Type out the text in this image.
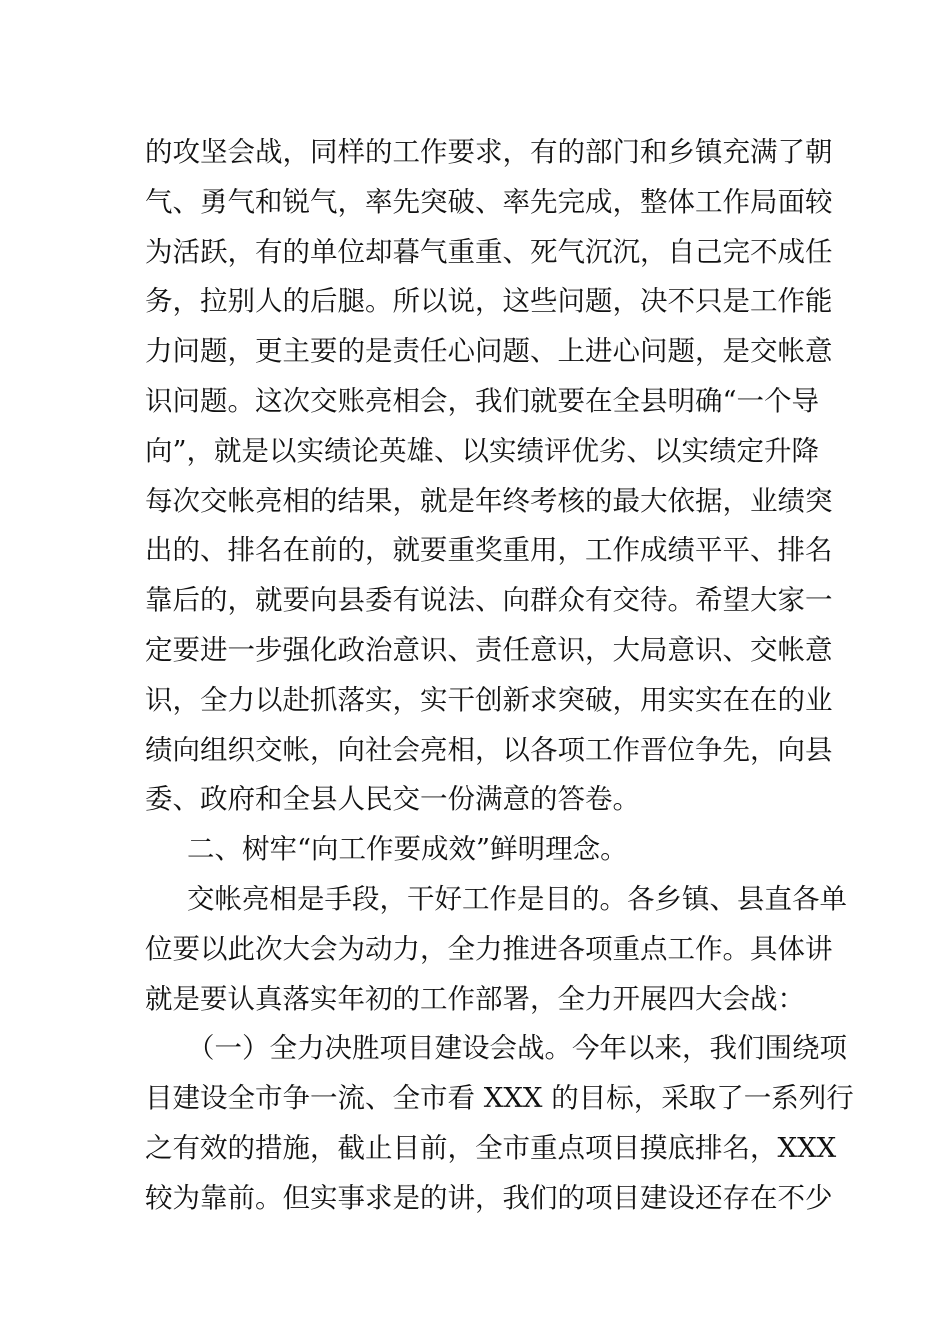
的攻坚会战，同样的工作要求，有的部门和乡镇充满了朝
气、勇气和锐气，率先突破、率先完成，整体工作局面较
为活跃，有的单位却暮气重重、死气沉沉，自己完不成任
务，拉别人的后腿。所以说，这些问题，决不只是工作能
力问题，更主要的是责任心问题、上进心问题，是交帐意
识问题。这次交账亮相会，我们就要在全县明确“一个导
向”，就是以实绩论英雄、以实绩评优劣、以实绩定升降
每次交帐亮相的结果，就是年终考核的最大依据，业绩突
出的、排名在前的，就要重奖重用，工作成绩平平、排名
靠后的，就要向县委有说法、向群众有交待。希望大家一
定要进一步强化政治意识、责任意识，大局意识、交帐意
识，全力以赴抓落实，实干创新求突破，用实实在在的业
绩向组织交帐，向社会亮相，以各项工作晋位争先，向县
委、政府和全县人民交一份满意的答卷。
二、树牢“向工作要成效”鲜明理念。
交帐亮相是手段，干好工作是目的。各乡镇、县直各单
位要以此次大会为动力，全力推进各项重点工作。具体讲
就是要认真落实年初的工作部署，全力开展四大会战：
（一）全力决胜项目建设会战。今年以来，我们围绕项
目建设全市争一流、全市看 XXX 的目标，采取了一系列行
之有效的措施，截止目前，全市重点项目摸底排名，XXX
较为靠前。但实事求是的讲，我们的项目建设还存在不少
